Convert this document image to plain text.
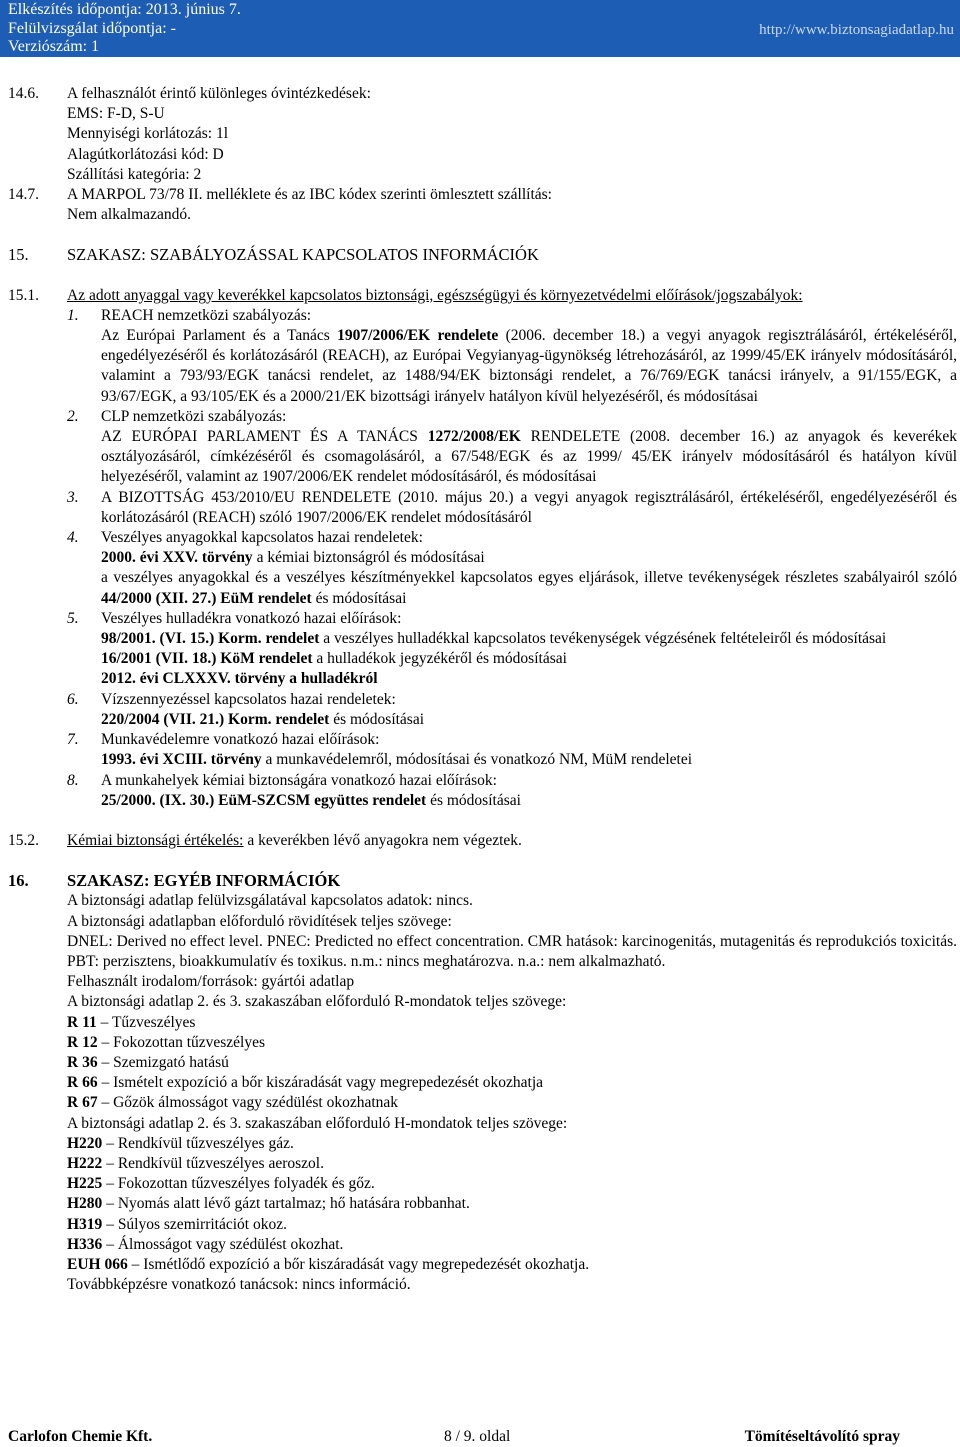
Elkészítés időpontja: 2013. június 7.
Felülvizsgálat időpontja: -
Verziószám: 1
http://www.biztonsagiadatlap.hu
14.6. A felhasználót érintő különleges óvintézkedések:
EMS: F-D, S-U
Mennyiségi korlátozás: 1l
Alagútkorlátozási kód: D
Szállítási kategória: 2
14.7. A MARPOL 73/78 II. melléklete és az IBC kódex szerinti ömlesztett szállítás:
Nem alkalmazandó.
15. SZAKASZ: SZABÁLYOZÁSSAL KAPCSOLATOS INFORMÁCIÓK
15.1. Az adott anyaggal vagy keverékkel kapcsolatos biztonsági, egészségügyi és környezetvédelmi előírások/jogszabályok:
1. REACH nemzetközi szabályozás:
Az Európai Parlament és a Tanács 1907/2006/EK rendelete (2006. december 18.) a vegyi anyagok regisztrálásáról, értékeléséről, engedélyezéséről és korlátozásáról (REACH), az Európai Vegyianyag-ügynökség létrehozásáról, az 1999/45/EK irányelv módosításáról, valamint a 793/93/EGK tanácsi rendelet, az 1488/94/EK biztonsági rendelet, a 76/769/EGK tanácsi irányelv, a 91/155/EGK, a 93/67/EGK, a 93/105/EK és a 2000/21/EK bizottsági irányelv hatályon kívül helyezéséről, és módosításai
2. CLP nemzetközi szabályozás:
AZ EURÓPAI PARLAMENT ÉS A TANÁCS 1272/2008/EK RENDELETE (2008. december 16.) az anyagok és keverékek osztályozásáról, címkézéséről és csomagolásáról, a 67/548/EGK és az 1999/ 45/EK irányelv módosításáról és hatályon kívül helyezéséről, valamint az 1907/2006/EK rendelet módosításáról, és módosításai
3. A BIZOTTSÁG 453/2010/EU RENDELETE (2010. május 20.) a vegyi anyagok regisztrálásáról, értékeléséről, engedélyezéséről és korlátozásáról (REACH) szóló 1907/2006/EK rendelet módosításáról
4. Veszélyes anyagokkal kapcsolatos hazai rendeletek:
2000. évi XXV. törvény a kémiai biztonságról és módosításai
a veszélyes anyagokkal és a veszélyes készítményekkel kapcsolatos egyes eljárások, illetve tevékenységek részletes szabályairól szóló 44/2000 (XII. 27.) EüM rendelet és módosításai
5. Veszélyes hulladékra vonatkozó hazai előírások:
98/2001. (VI. 15.) Korm. rendelet a veszélyes hulladékkal kapcsolatos tevékenységek végzésének feltételeiről és módosításai
16/2001 (VII. 18.) KöM rendelet a hulladékok jegyzékéről és módosításai
2012. évi CLXXXV. törvény a hulladékról
6. Vízszennyezéssel kapcsolatos hazai rendeletek:
220/2004 (VII. 21.) Korm. rendelet és módosításai
7. Munkavédelemre vonatkozó hazai előírások:
1993. évi XCIII. törvény a munkavédelemről, módosításai és vonatkozó NM, MüM rendeletei
8. A munkahelyek kémiai biztonságára vonatkozó hazai előírások:
25/2000. (IX. 30.) EüM-SZCSM együttes rendelet és módosításai
15.2. Kémiai biztonsági értékelés: a keverékben lévő anyagokra nem végeztek.
16. SZAKASZ: EGYÉB INFORMÁCIÓK
A biztonsági adatlap felülvizsgálatával kapcsolatos adatok: nincs.
A biztonsági adatlapban előforduló rövidítések teljes szövege:
DNEL: Derived no effect level. PNEC: Predicted no effect concentration. CMR hatások: karcinogenitás, mutagenitás és reprodukciós toxicitás. PBT: perzisztens, bioakkumulatív és toxikus. n.m.: nincs meghatározva. n.a.: nem alkalmazható.
Felhasznált irodalom/források: gyártói adatlap
A biztonsági adatlap 2. és 3. szakaszában előforduló R-mondatok teljes szövege:
R 11 – Tűzveszélyes
R 12 – Fokozottan tűzveszélyes
R 36 – Szemizgató hatású
R 66 – Ismételt expozíció a bőr kiszáradását vagy megrepedezését okozhatja
R 67 – Gőzök álmosságot vagy szédülést okozhatnak
A biztonsági adatlap 2. és 3. szakaszában előforduló H-mondatok teljes szövege:
H220 – Rendkívül tűzveszélyes gáz.
H222 – Rendkívül tűzveszélyes aeroszol.
H225 – Fokozottan tűzveszélyes folyadék és gőz.
H280 – Nyomás alatt lévő gázt tartalmaz; hő hatására robbanhat.
H319 – Súlyos szemirritációt okoz.
H336 – Álmosságot vagy szédülést okozhat.
EUH 066 – Ismétlődő expozíció a bőr kiszáradását vagy megrepedezését okozhatja.
Továbbképzésre vonatkozó tanácsok: nincs információ.
Carlofon Chemie Kft.	8 / 9. oldal	Tömítéseltávolító spray
